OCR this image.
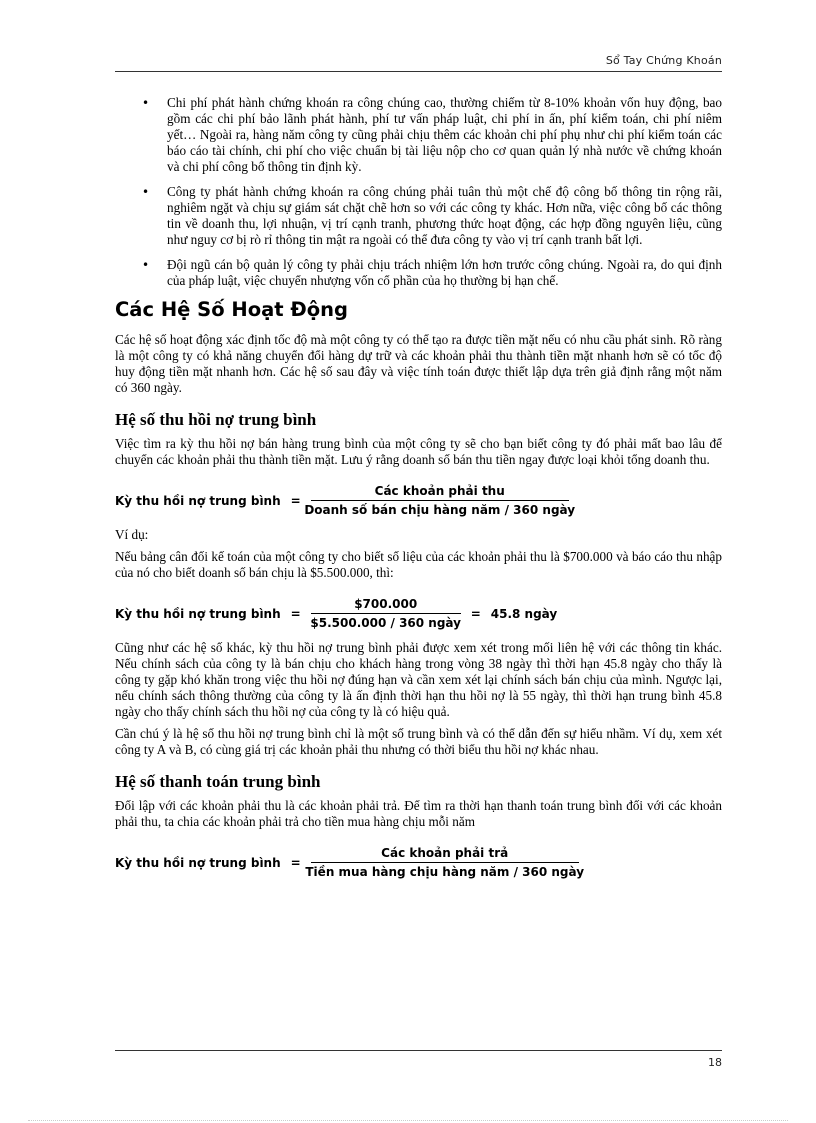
Sổ Tay Chứng Khoán
• Chi phí phát hành chứng khoán ra công chúng cao, thường chiếm từ 8-10% khoản vốn huy động, bao gồm các chi phí bảo lãnh phát hành, phí tư vấn pháp luật, chi phí in ấn, phí kiểm toán, chi phí niêm yết… Ngoài ra, hàng năm công ty cũng phải chịu thêm các khoản chi phí phụ như chi phí kiểm toán các báo cáo tài chính, chi phí cho việc chuẩn bị tài liệu nộp cho cơ quan quản lý nhà nước về chứng khoán và chi phí công bố thông tin định kỳ.
• Công ty phát hành chứng khoán ra công chúng phải tuân thủ một chế độ công bố thông tin rộng rãi, nghiêm ngặt và chịu sự giám sát chặt chẽ hơn so với các công ty khác. Hơn nữa, việc công bố các thông tin về doanh thu, lợi nhuận, vị trí cạnh tranh, phương thức hoạt động, các hợp đồng nguyên liệu, cũng như nguy cơ bị rò rỉ thông tin mật ra ngoài có thể đưa công ty vào vị trí cạnh tranh bất lợi.
• Đội ngũ cán bộ quản lý công ty phải chịu trách nhiệm lớn hơn trước công chúng. Ngoài ra, do qui định của pháp luật, việc chuyển nhượng vốn cổ phần của họ thường bị hạn chế.
Các Hệ Số Hoạt Động

Các hệ số hoạt động xác định tốc độ mà một công ty có thể tạo ra được tiền mặt nếu có nhu cầu phát sinh. Rõ ràng là một công ty có khả năng chuyển đổi hàng dự trữ và các khoản phải thu thành tiền mặt nhanh hơn sẽ có tốc độ huy động tiền mặt nhanh hơn. Các hệ số sau đây và việc tính toán được thiết lập dựa trên giả định rằng một năm có 360 ngày.

Hệ số thu hồi nợ trung bình

Việc tìm ra kỳ thu hồi nợ bán hàng trung bình của một công ty sẽ cho bạn biết công ty đó phải mất bao lâu để chuyển các khoản phải thu thành tiền mặt. Lưu ý rằng doanh số bán thu tiền ngay được loại khỏi tổng doanh thu.

Kỳ thu hồi nợ trung bình = $\frac{\text{Các khoản phải thu}}{\text{Doanh số bán chịu hàng năm / 360 ngày}}$

Ví dụ:

Nếu bảng cân đối kế toán của một công ty cho biết số liệu của các khoản phải thu là $700.000 và báo cáo thu nhập của nó cho biết doanh số bán chịu là $5.500.000, thì:

Kỳ thu hồi nợ trung bình = $\frac{\$700.000}{\text{\$5.500.000 / 360 ngày}} = 45.8$ ngày

Cũng như các hệ số khác, kỳ thu hồi nợ trung bình phải được xem xét trong mối liên hệ với các thông tin khác. Nếu chính sách của công ty là bán chịu cho khách hàng trong vòng 38 ngày thì thời hạn 45.8 ngày cho thấy là công ty gặp khó khăn trong việc thu hồi nợ đúng hạn và cần xem xét lại chính sách bán chịu của mình. Ngược lại, nếu chính sách thông thường của công ty là ấn định thời hạn thu hồi nợ là 55 ngày, thì thời hạn trung bình 45.8 ngày cho thấy chính sách thu hồi nợ của công ty là có hiệu quả.

Cần chú ý là hệ số thu hồi nợ trung bình chỉ là một số trung bình và có thể dẫn đến sự hiểu nhầm. Ví dụ, xem xét công ty A và B, có cùng giá trị các khoản phải thu nhưng có thời biểu thu hồi nợ khác nhau.

Hệ số thanh toán trung bình

Đối lập với các khoản phải thu là các khoản phải trả. Để tìm ra thời hạn thanh toán trung bình đối với các khoản phải thu, ta chia các khoản phải trả cho tiền mua hàng chịu mỗi năm

Kỳ thu hồi nợ trung bình = $\frac{\text{Các khoản phải trả}}{\text{Tiền mua hàng chịu hàng năm / 360 ngày}}$
18
